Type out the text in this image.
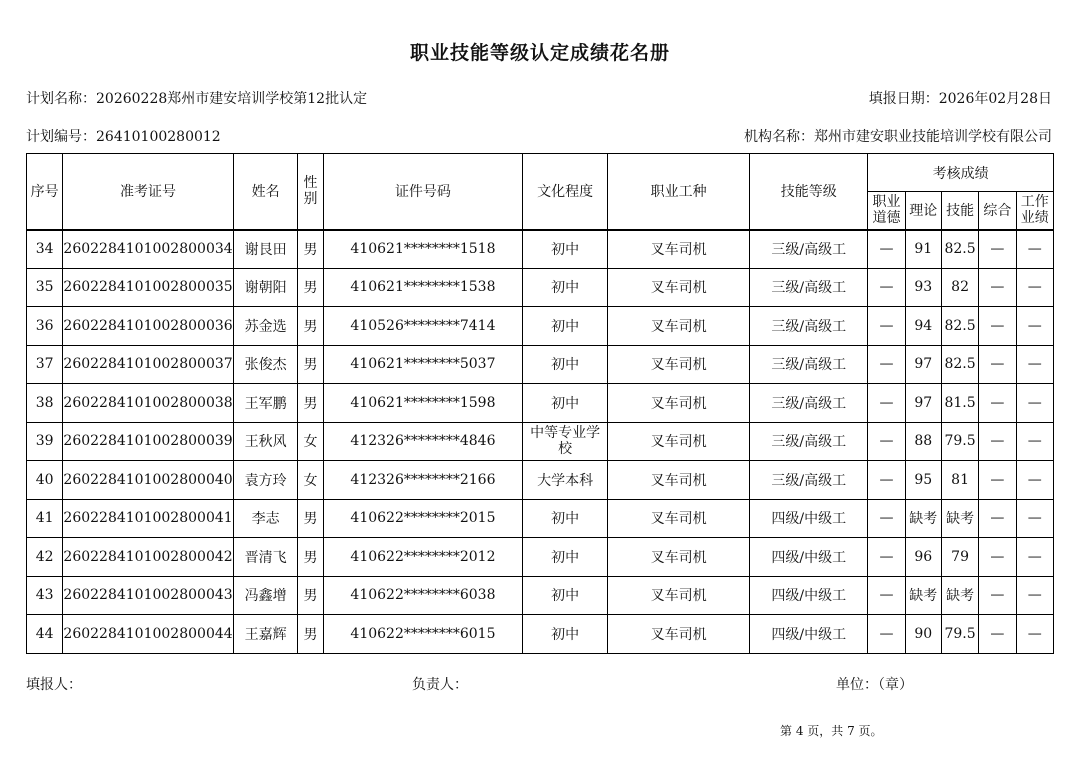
职业技能等级认定成绩花名册
计划名称：20260228郑州市建安培训学校第12批认定	填报日期：2026年02月28日
计划编号：26410100280012	机构名称：郑州市建安职业技能培训学校有限公司
序号	准考证号	姓名	性别	证件号码	文化程度	职业工种	技能等级	考核成绩				
								职业道德	理论	技能	综合	工作业绩
34	2602284101002800034	谢艮田	男	410621********1518	初中	叉车司机	三级/高级工	—	91	82.5	—	—
35	2602284101002800035	谢朝阳	男	410621********1538	初中	叉车司机	三级/高级工	—	93	82	—	—
36	2602284101002800036	苏金选	男	410526********7414	初中	叉车司机	三级/高级工	—	94	82.5	—	—
37	2602284101002800037	张俊杰	男	410621********5037	初中	叉车司机	三级/高级工	—	97	82.5	—	—
38	2602284101002800038	王军鹏	男	410621********1598	初中	叉车司机	三级/高级工	—	97	81.5	—	—
39	2602284101002800039	王秋风	女	412326********4846	中等专业学校	叉车司机	三级/高级工	—	88	79.5	—	—
40	2602284101002800040	袁方玲	女	412326********2166	大学本科	叉车司机	三级/高级工	—	95	81	—	—
41	2602284101002800041	李志	男	410622********2015	初中	叉车司机	四级/中级工	—	缺考	缺考	—	—
42	2602284101002800042	晋清飞	男	410622********2012	初中	叉车司机	四级/中级工	—	96	79	—	—
43	2602284101002800043	冯鑫增	男	410622********6038	初中	叉车司机	四级/中级工	—	缺考	缺考	—	—
44	2602284101002800044	王嘉辉	男	410622********6015	初中	叉车司机	四级/中级工	—	90	79.5	—	—
填报人：	负责人：	单位：（章）
第 4 页，共 7 页。
